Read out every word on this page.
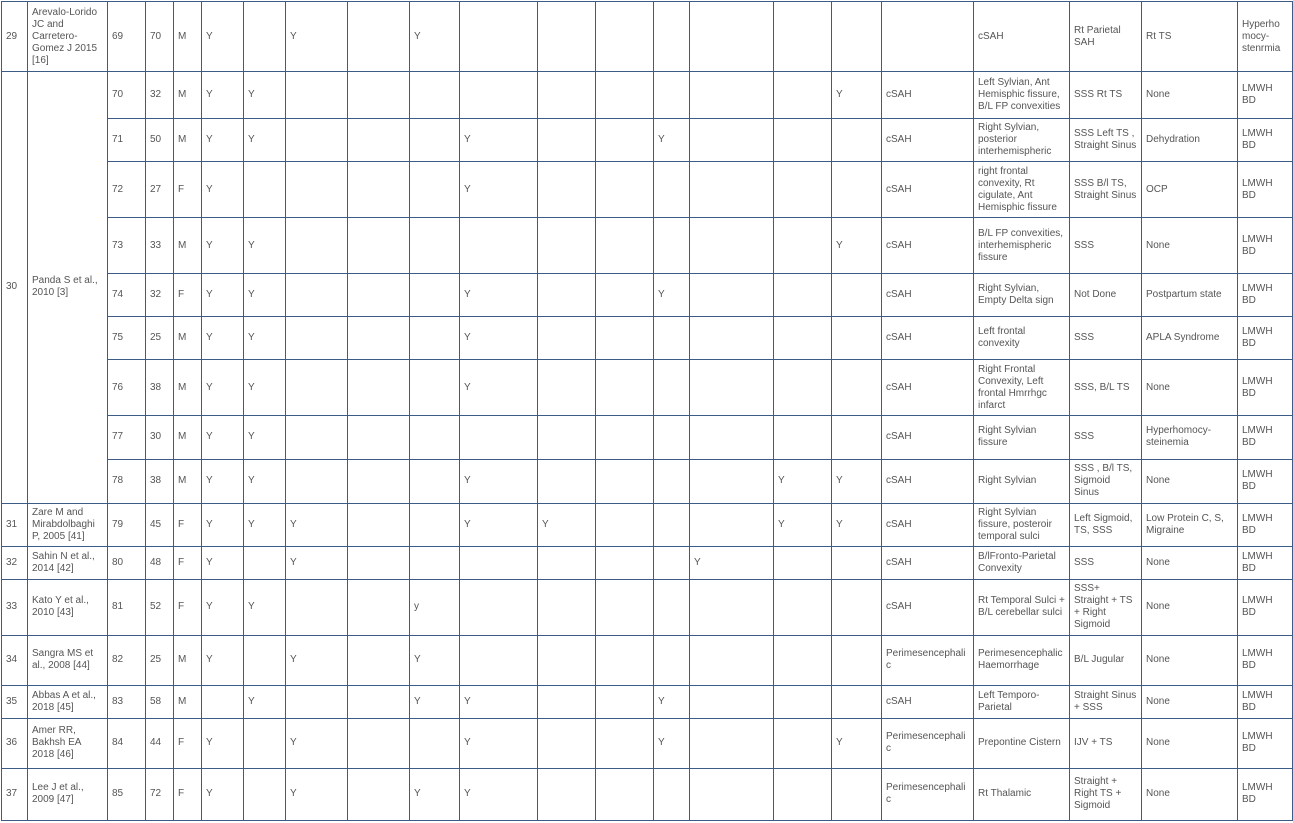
29	Arevalo-Lorido JC and Carretero-Gomez J 2015 [16]	69	70	M	Y		Y		Y									cSAH	Rt Parietal SAH	Rt TS	Hyperhomocy-stenrmia
30	Panda S et al., 2010 [3]	70	32	M	Y	Y										Y	cSAH	Left Sylvian, Ant Hemisphic fissure, B/L FP convexities	SSS Rt TS	None	LMWH BD
		71	50	M	Y	Y				Y			Y				cSAH	Right Sylvian, posterior interhemispheric	SSS Left TS , Straight Sinus	Dehydration	LMWH BD
		72	27	F	Y					Y							cSAH	right frontal convexity, Rt cigulate, Ant Hemisphic fissure	SSS B/l TS, Straight Sinus	OCP	LMWH BD
		73	33	M	Y	Y										Y	cSAH	B/L FP convexities, interhemispheric fissure	SSS	None	LMWH BD
		74	32	F	Y	Y				Y			Y				cSAH	Right Sylvian, Empty Delta sign	Not Done	Postpartum state	LMWH BD
		75	25	M	Y	Y				Y							cSAH	Left frontal convexity	SSS	APLA Syndrome	LMWH BD
		76	38	M	Y	Y				Y							cSAH	Right Frontal Convexity, Left frontal Hmrrhgc infarct	SSS, B/L TS	None	LMWH BD
		77	30	M	Y	Y											cSAH	Right Sylvian fissure	SSS	Hyperhomocy-steinemia	LMWH BD
		78	38	M	Y	Y				Y					Y	Y	cSAH	Right Sylvian	SSS , B/l TS, Sigmoid Sinus	None	LMWH BD
31	Zare M and Mirabdolbaghi P, 2005 [41]	79	45	F	Y	Y	Y			Y	Y				Y	Y	cSAH	Right Sylvian fissure, posteroir temporal sulci	Left Sigmoid, TS, SSS	Low Protein C, S, Migraine	LMWH BD
32	Sahin N et al., 2014 [42]	80	48	F	Y		Y							Y			cSAH	B/lFronto-Parietal Convexity	SSS	None	LMWH BD
33	Kato Y et al., 2010 [43]	81	52	F	Y	Y			y								cSAH	Rt Temporal Sulci + B/L cerebellar sulci	SSS+ Straight + TS + Right Sigmoid	None	LMWH BD
34	Sangra MS et al., 2008 [44]	82	25	M	Y		Y		Y								Perimesencephalic	Perimesencephalic Haemorrhage	B/L Jugular	None	LMWH BD
35	Abbas A et al., 2018 [45]	83	58	M		Y			Y	Y			Y				cSAH	Left Temporo-Parietal	Straight Sinus + SSS	None	LMWH BD
36	Amer RR, Bakhsh EA 2018 [46]	84	44	F	Y		Y			Y			Y			Y	Perimesencephalic	Prepontine Cistern	IJV + TS	None	LMWH BD
37	Lee J et al., 2009 [47]	85	72	F	Y		Y		Y	Y							Perimesencephalic	Rt Thalamic	Straight + Right TS + Sigmoid	None	LMWH BD
